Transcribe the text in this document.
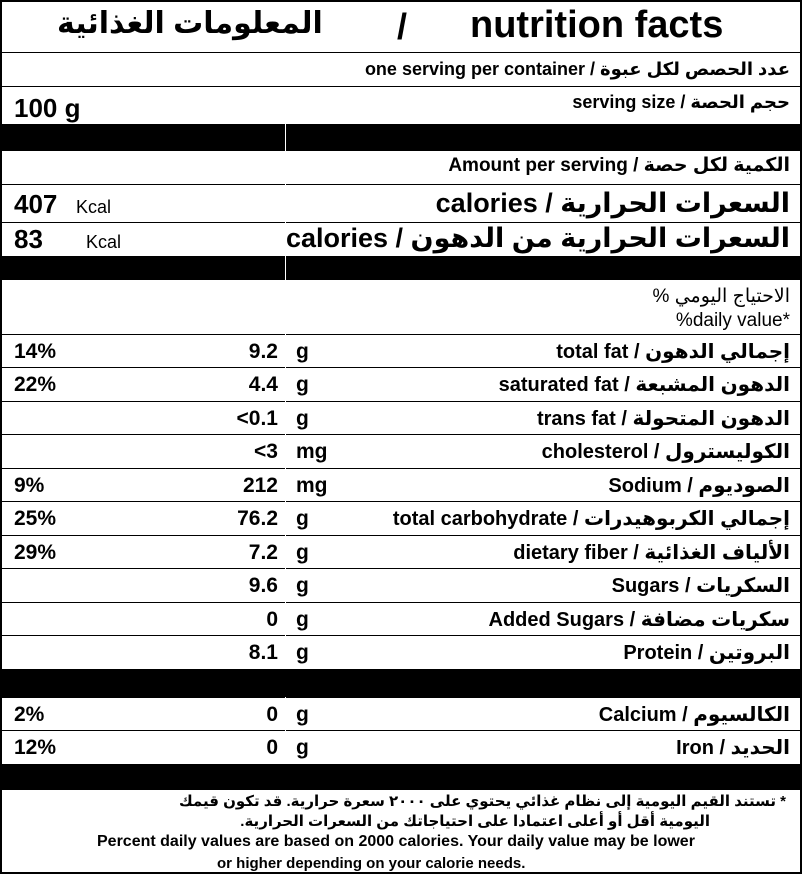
المعلومات الغذائية / nutrition facts
one serving per container / عدد الحصص لكل عبوة
100 g	serving size / حجم الحصة
Amount per serving / الكمية لكل حصة
407 Kcal	calories / السعرات الحرارية
83 Kcal	calories / السعرات الحرارية من الدهون
% الاحتياج اليومي
%daily value*
14%	9.2 g	total fat / إجمالي الدهون
22%	4.4 g	saturated fat / الدهون المشبعة
<0.1 g	trans fat / الدهون المتحولة
<3 mg	cholesterol / الكوليسترول
9%	212 mg	Sodium / الصوديوم
25%	76.2 g	total carbohydrate / إجمالي الكربوهيدرات
29%	7.2 g	dietary fiber / الألياف الغذائية
9.6 g	Sugars / السكريات
0 g	Added Sugars / سكريات مضافة
8.1 g	Protein / البروتين
2%	0 g	Calcium / الكالسيوم
12%	0 g	Iron / الحديد
* تستند القيم اليومية إلى نظام غذائي يحتوي على ٢٠٠٠ سعرة حرارية. قد تكون قيمك
اليومية أقل أو أعلى اعتمادا على احتياجاتك من السعرات الحرارية.
Percent daily values are based on 2000 calories. Your daily value may be lower
or higher depending on your calorie needs.
